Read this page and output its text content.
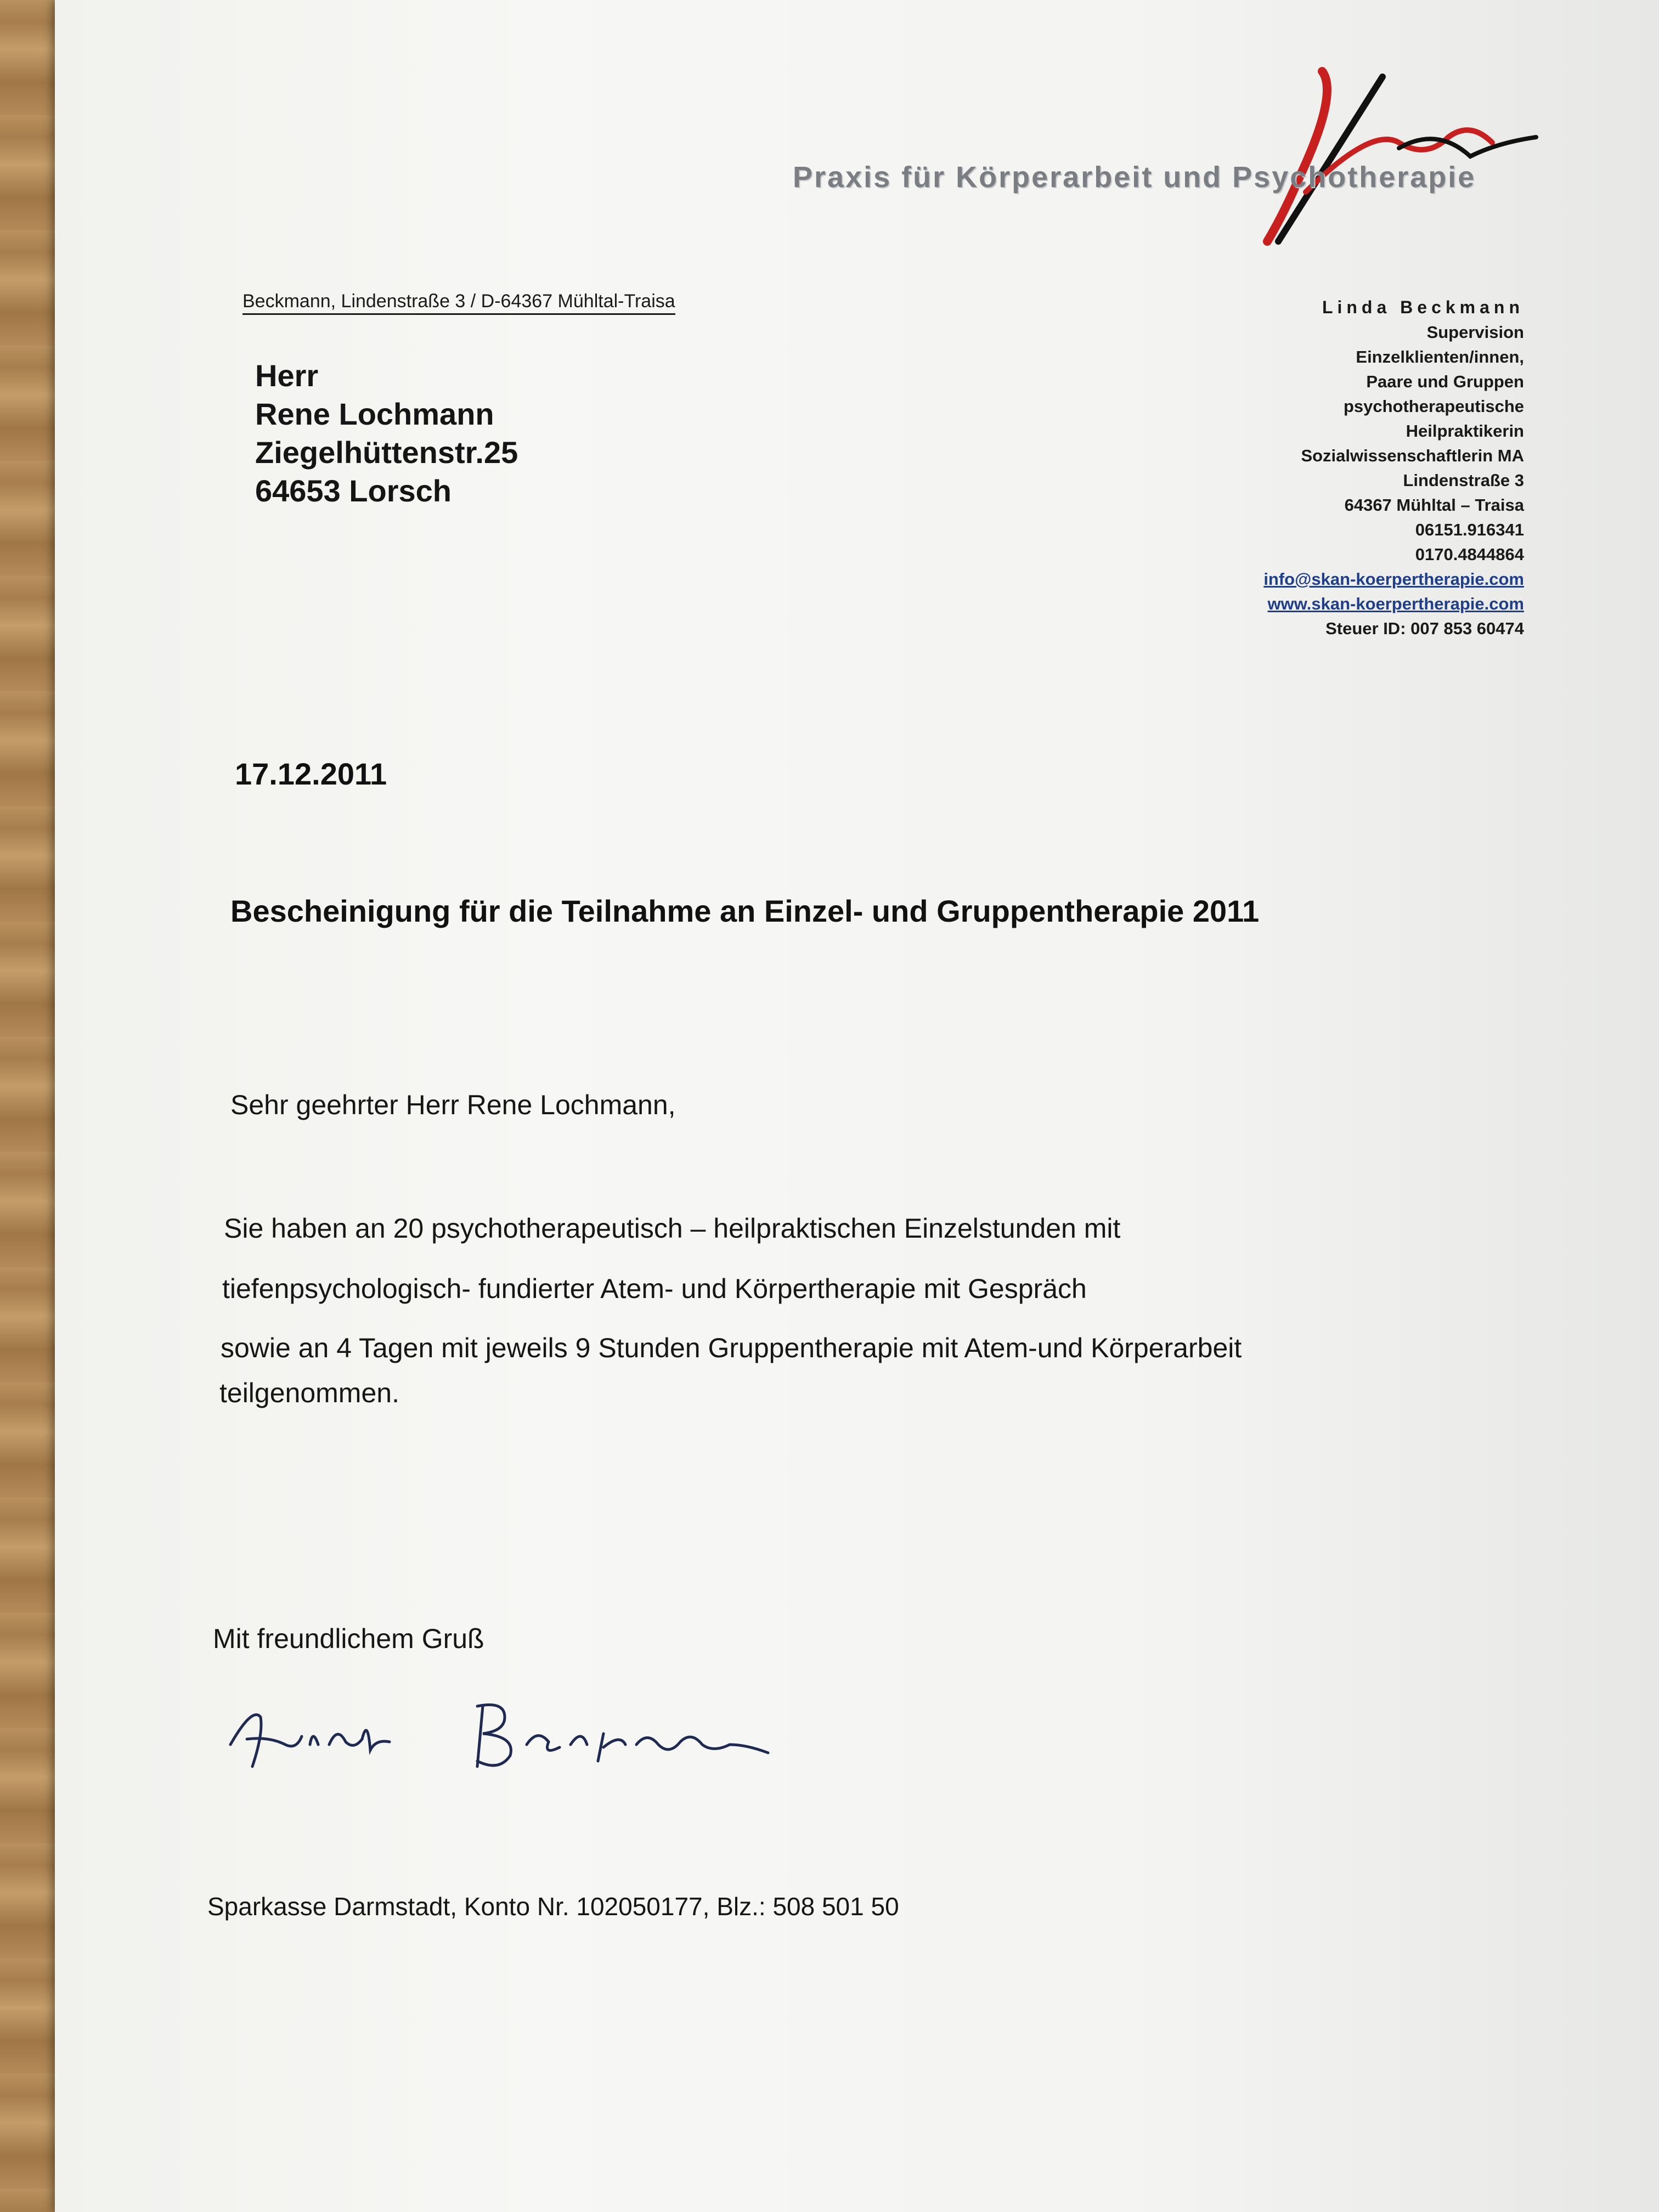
Praxis für Körperarbeit und Psychotherapie
Beckmann, Lindenstraße 3 / D-64367 Mühltal-Traisa
Herr
Rene Lochmann
Ziegelhüttenstr.25
64653 Lorsch
Linda Beckmann
Supervision
Einzelklienten/innen,
Paare und Gruppen
psychotherapeutische
Heilpraktikerin
Sozialwissenschaftlerin MA
Lindenstraße 3
64367 Mühltal – Traisa
06151.916341
0170.4844864
info@skan-koerpertherapie.com
www.skan-koerpertherapie.com
Steuer ID: 007 853 60474
17.12.2011
Bescheinigung für die Teilnahme an Einzel- und Gruppentherapie 2011
Sehr geehrter Herr Rene Lochmann,
Sie haben an 20 psychotherapeutisch – heilpraktischen Einzelstunden mit
tiefenpsychologisch- fundierter Atem- und Körpertherapie mit Gespräch
sowie an 4 Tagen mit jeweils 9 Stunden Gruppentherapie mit Atem-und Körperarbeit
teilgenommen.
Mit freundlichem Gruß
Sparkasse Darmstadt, Konto Nr. 102050177, Blz.: 508 501 50
